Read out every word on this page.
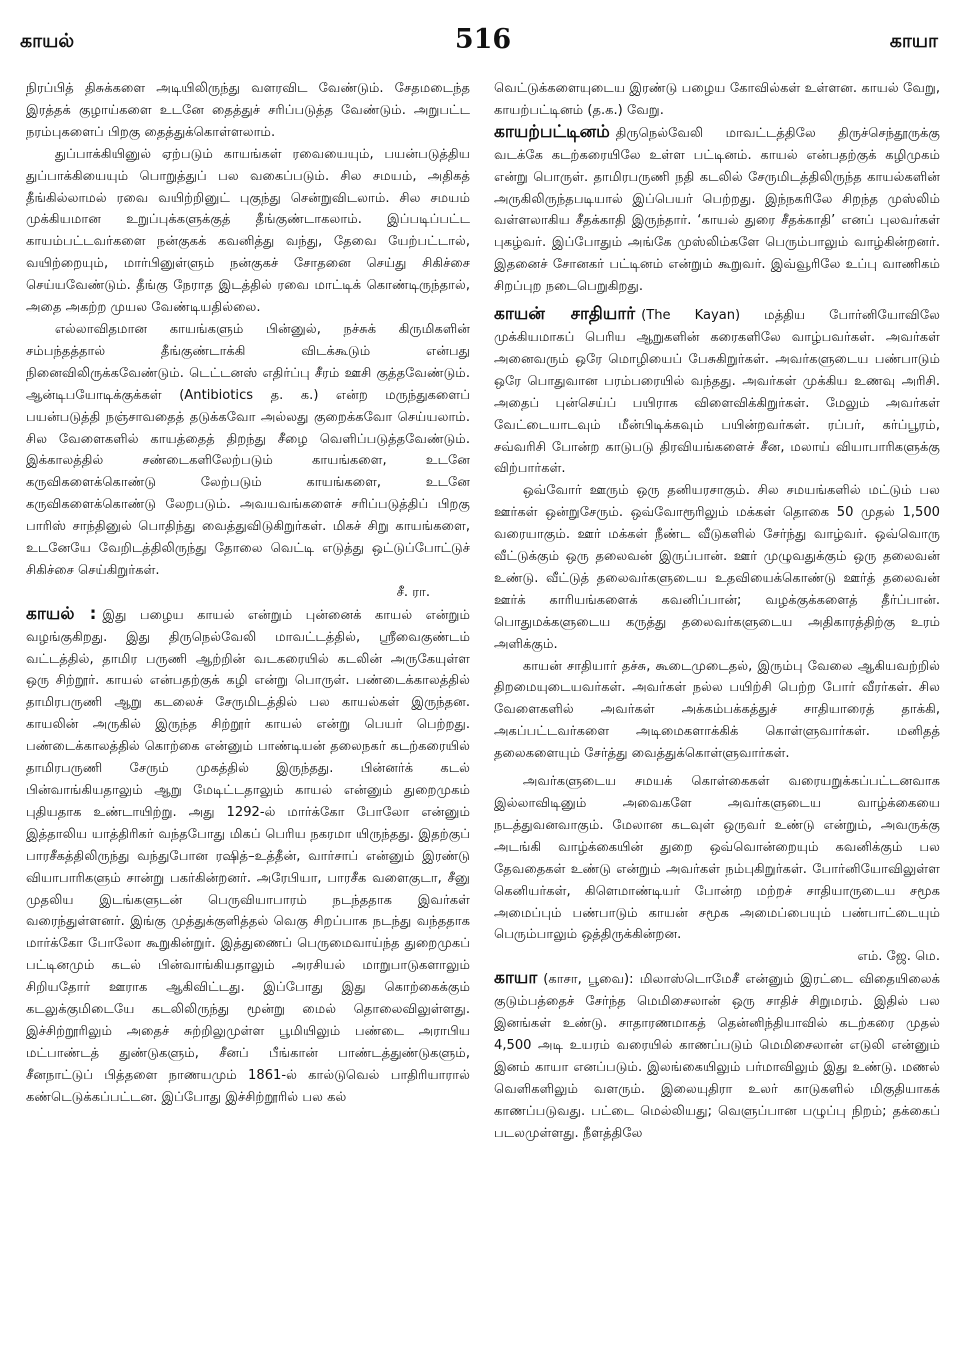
காயல்	516	காயா

நிரப்பித் திசுக்களை அடியிலிருந்து வளரவிட வேண்டும். சேதமடைந்த இரத்தக் குழாய்களை உடனே தைத்துச் சரிப்படுத்த வேண்டும். அறுபட்ட நரம்புகளைப் பிறகு தைத்துக்கொள்ளலாம்.

துப்பாக்கியினுல் ஏற்படும் காயங்கள் ரவையையும், பயன்படுத்திய துப்பாக்கியையும் பொறுத்துப் பல வகைப்படும். சில சமயம், அதிகத் தீங்கில்லாமல் ரவை வயிற்றினுட் புகுந்து சென்றுவிடலாம். சில சமயம் முக்கியமான உறுப்புக்களுக்குத் தீங்குண்டாகலாம். இப்படிப்பட்ட காயம்பட்டவர்களை நன்குகக் கவனித்து வந்து, தேவை யேற்பட்டால், வயிற்றையும், மார்பினுள்ளும் நன்குகச் சோதனை செய்து சிகிச்சை செய்யவேண்டும். தீங்கு நேராத இடத்தில் ரவை மாட்டிக் கொண்டிருந்தால், அதை அகற்ற முயல வேண்டியதில்லை.

எல்லாவிதமான காயங்களும் பின்னுல், நச்சுக் கிருமிகளின் சம்பந்தத்தால் தீங்குண்டாக்கி விடக்கூடும் என்பது நினைவிலிருக்கவேண்டும். டெட்டனஸ் எதிர்ப்பு சீரம் ஊசி குத்தவேண்டும். ஆன்டிபயோடிக்குக்கள் (Antibiotics த. க.) என்ற மருந்துகளைப் பயன்படுத்தி நஞ்சாவதைத் தடுக்கவோ அல்லது குறைக்கவோ செய்யலாம். சில வேளைகளில் காயத்தைத் திறந்து சீழை வெளிப்படுத்தவேண்டும். இக்காலத்தில் சண்டைகளிலேற்படும் காயங்களை, உடனே கருவிகளைக்கொண்டு லேற்படும் காயங்களை, உடனே கருவிகளைக்கொண்டு லேறபடும். அவயவங்களைச் சரிப்படுத்திப் பிறகு பாரிஸ் சாந்தினுல் பொதிந்து வைத்துவிடுகிறுர்கள். மிகச் சிறு காயங்களை, உடனேயே வேறிடத்திலிருந்து தோலை வெட்டி எடுத்து ஒட்டுப்போட்டுச் சிகிச்சை செய்கிறுர்கள்.

சீ. ரா.

காயல் : இது பழைய காயல் என்றும் புன்னைக் காயல் என்றும் வழங்குகிறது. இது திருநெல்வேலி மாவட்டத்தில், ஸ்ரீவைகுண்டம் வட்டத்தில், தாமிர பருணி ஆற்றின் வடகரையில் கடலின் அருகேயுள்ள ஒரு சிற்றூர். காயல் என்பதற்குக் கழி என்று பொருள். பண்டைக்காலத்தில் தாமிரபருணி ஆறு கடலைச் சேருமிடத்தில் பல காயல்கள் இருந்தன. காயலின் அருகில் இருந்த சிற்றூர் காயல் என்று பெயர் பெற்றது. பண்டைக்காலத்தில் கொற்கை என்னும் பாண்டியன் தலைநகர் கடற்கரையில் தாமிரபருணி சேரும் முகத்தில் இருந்தது. பின்னர்க் கடல் பின்வாங்கியதாலும் ஆறு மேடிட்டதாலும் காயல் என்னும் துறைமுகம் புதியதாக உண்டாயிற்று. அது 1292-ல் மார்க்கோ போலோ என்னும் இத்தாலிய யாத்திரிகர் வந்தபோது மிகப் பெரிய நகரமா யிருந்தது. இதற்குப் பாரசீகத்திலிருந்து வந்துபோன ரஷித்–உத்தீன், வார்சாப் என்னும் இரண்டு வியாபாரிகளும் சான்று பகர்கின்றனர். அரேபியா, பாரசீக வளைகுடா, சீனு முதலிய இடங்களுடன் பெருவியாபாரம் நடந்ததாக இவர்கள் வரைந்துள்ளனர். இங்கு முத்துக்குளித்தல் வெகு சிறப்பாக நடந்து வந்ததாக மார்க்கோ போலோ கூறுகின்றுர். இத்துணைப் பெருமைவாய்ந்த துறைமுகப் பட்டினமும் கடல் பின்வாங்கியதாலும் அரசியல் மாறுபாடுகளாலும் சிறியதோர் ஊராக ஆகிவிட்டது. இப்போது இது கொற்கைக்கும் கடலுக்குமிடையே கடலிலிருந்து மூன்று மைல் தொலைவிலுள்ளது. இச்சிற்றூரிலும் அதைச் சுற்றிலுமுள்ள பூமியிலும் பண்டை அராபிய மட்பாண்டத் துண்டுகளும், சீனப் பீங்கான் பாண்டத்துண்டுகளும், சீனநாட்டுப் பித்தளை நாணயமும் 1861-ல் கால்டுவெல் பாதிரியாரால் கண்டெடுக்கப்பட்டன. இப்போது இச்சிற்றூரில் பல கல்

வெட்டுக்களையுடைய இரண்டு பழைய கோவில்கள் உள்ளன. காயல் வேறு, காயற்பட்டினம் (த.க.) வேறு.

காயற்பட்டினம் திருநெல்வேலி மாவட்டத்திலே திருச்செந்தூருக்கு வடக்கே கடற்கரையிலே உள்ள பட்டினம். காயல் என்பதற்குக் கழிமுகம் என்று பொருள். தாமிரபருணி நதி கடலில் சேருமிடத்திலிருந்த காயல்களின் அருகிலிருந்தபடியால் இப்பெயர் பெற்றது. இந்நகரிலே சிறந்த முஸ்லிம் வள்ளலாகிய சீதக்காதி இருந்தார். ‘காயல் துரை சீதக்காதி’ எனப் புலவர்கள் புகழ்வர். இப்போதும் அங்கே முஸ்லிம்களே பெரும்பாலும் வாழ்கின்றனர். இதனைச் சோனகர் பட்டினம் என்றும் கூறுவர். இவ்வூரிலே உப்பு வாணிகம் சிறப்புற நடைபெறுகிறது.

காயன் சாதியார் (The Kayan) மத்திய போர்னியோவிலே முக்கியமாகப் பெரிய ஆறுகளின் கரைகளிலே வாழ்பவர்கள். அவர்கள் அனைவரும் ஒரே மொழியைப் பேசுகிறுர்கள். அவர்களுடைய பண்பாடும் ஒரே பொதுவான பரம்பரையில் வந்தது. அவர்கள் முக்கிய உணவு அரிசி. அதைப் புன்செய்ப் பயிராக விளைவிக்கிறுர்கள். மேலும் அவர்கள் வேட்டையாடவும் மீன்பிடிக்கவும் பயின்றவர்கள். ரப்பர், கர்ப்பூரம், சவ்வரிசி போன்ற காடுபடு திரவியங்களைச் சீன, மலாய் வியாபாரிகளுக்கு விற்பார்கள்.

ஒவ்வோர் ஊரும் ஒரு தனியரசாகும். சில சமயங்களில் மட்டும் பல ஊர்கள் ஒன்றுசேரும். ஒவ்வோரூரிலும் மக்கள் தொகை 50 முதல் 1,500 வரையாகும். ஊர் மக்கள் நீண்ட வீடுகளில் சேர்ந்து வாழ்வர். ஒவ்வொரு வீட்டுக்கும் ஒரு தலைவன் இருப்பான். ஊர் முழுவதுக்கும் ஒரு தலைவன் உண்டு. வீட்டுத் தலைவர்களுடைய உதவியைக்கொண்டு ஊர்த் தலைவன் ஊர்க் காரியங்களைக் கவனிப்பான்; வழக்குக்களைத் தீர்ப்பான். பொதுமக்களுடைய கருத்து தலைவர்களுடைய அதிகாரத்திற்கு உரம் அளிக்கும்.

காயன் சாதியார் தச்சு, கூடைமுடைதல், இரும்பு வேலை ஆகியவற்றில் திறமையுடையவர்கள். அவர்கள் நல்ல பயிற்சி பெற்ற போர் வீரர்கள். சில வேளைகளில் அவர்கள் அக்கம்பக்கத்துச் சாதியாரைத் தாக்கி, அகப்பட்டவர்களை அடிமைகளாக்கிக் கொள்ளுவார்கள். மனிதத் தலைகளையும் சேர்த்து வைத்துக்கொள்ளுவார்கள்.

அவர்களுடைய சமயக் கொள்கைகள் வரையறுக்கப்பட்டனவாக இல்லாவிடினும் அவைகளே அவர்களுடைய வாழ்க்கையை நடத்துவனவாகும். மேலான கடவுள் ஒருவர் உண்டு என்றும், அவருக்கு அடங்கி வாழ்க்கையின் துறை ஒவ்வொன்றையும் கவனிக்கும் பல தேவதைகள் உண்டு என்றும் அவர்கள் நம்புகிறுர்கள். போர்னியோவிலுள்ள கெனியர்கள், கிளெமாண்டியர் போன்ற மற்றச் சாதியாருடைய சமூக அமைப்பும் பண்பாடும் காயன் சமூக அமைப்பையும் பண்பாட்டையும் பெரும்பாலும் ஒத்திருக்கின்றன.

எம். ஜே. மெ.

காயா (காசா, பூவை): மிலாஸ்டொமேசீ என்னும் இரட்டை விதையிலைக் குடும்பத்தைச் சேர்ந்த மெமிசைலான் ஒரு சாதிச் சிறுமரம். இதில் பல இனங்கள் உண்டு. சாதாரணமாகத் தென்னிந்தியாவில் கடற்கரை முதல் 4,500 அடி உயரம் வரையில் காணப்படும் மெமிசைலான் எடுலி என்னும் இனம் காயா எனப்படும். இலங்கையிலும் பர்மாவிலும் இது உண்டு. மணல் வெளிகளிலும் வளரும். இலையுதிரா உலர் காடுகளில் மிகுதியாகக் காணப்படுவது. பட்டை மெல்லியது; வெளுப்பான பழுப்பு நிறம்; தக்கைப் படலமுள்ளது. நீளத்திலே
